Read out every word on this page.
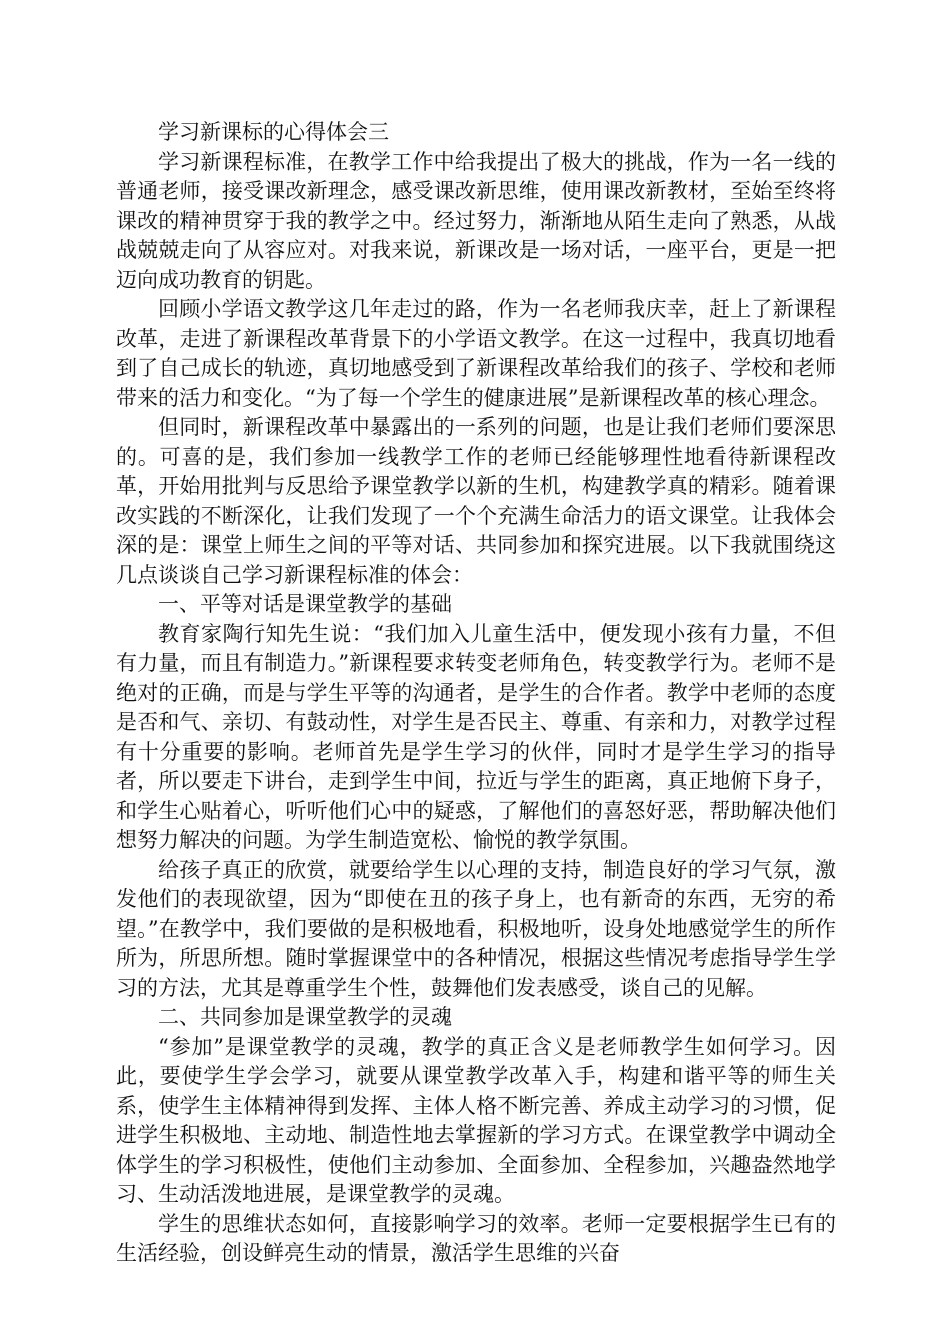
学习新课标的心得体会三

学习新课程标准，在教学工作中给我提出了极大的挑战，作为一名一线的普通老师，接受课改新理念，感受课改新思维，使用课改新教材，至始至终将课改的精神贯穿于我的教学之中。经过努力，渐渐地从陌生走向了熟悉，从战战兢兢走向了从容应对。对我来说，新课改是一场对话，一座平台，更是一把迈向成功教育的钥匙。

回顾小学语文教学这几年走过的路，作为一名老师我庆幸，赶上了新课程改革，走进了新课程改革背景下的小学语文教学。在这一过程中，我真切地看到了自己成长的轨迹，真切地感受到了新课程改革给我们的孩子、学校和老师带来的活力和变化。“为了每一个学生的健康进展”是新课程改革的核心理念。

但同时，新课程改革中暴露出的一系列的问题，也是让我们老师们要深思的。可喜的是，我们参加一线教学工作的老师已经能够理性地看待新课程改革，开始用批判与反思给予课堂教学以新的生机，构建教学真的精彩。随着课改实践的不断深化，让我们发现了一个个充满生命活力的语文课堂。让我体会深的是：课堂上师生之间的平等对话、共同参加和探究进展。以下我就围绕这几点谈谈自己学习新课程标准的体会：

一、平等对话是课堂教学的基础

教育家陶行知先生说：“我们加入儿童生活中，便发现小孩有力量，不但有力量，而且有制造力。”新课程要求转变老师角色，转变教学行为。老师不是绝对的正确，而是与学生平等的沟通者，是学生的合作者。教学中老师的态度是否和气、亲切、有鼓动性，对学生是否民主、尊重、有亲和力，对教学过程有十分重要的影响。老师首先是学生学习的伙伴，同时才是学生学习的指导者，所以要走下讲台，走到学生中间，拉近与学生的距离，真正地俯下身子，和学生心贴着心，听听他们心中的疑惑，了解他们的喜怒好恶，帮助解决他们想努力解决的问题。为学生制造宽松、愉悦的教学氛围。

给孩子真正的欣赏，就要给学生以心理的支持，制造良好的学习气氛，激发他们的表现欲望，因为“即使在丑的孩子身上，也有新奇的东西，无穷的希望。”在教学中，我们要做的是积极地看，积极地听，设身处地感觉学生的所作所为，所思所想。随时掌握课堂中的各种情况，根据这些情况考虑指导学生学习的方法，尤其是尊重学生个性，鼓舞他们发表感受，谈自己的见解。

二、共同参加是课堂教学的灵魂

“参加”是课堂教学的灵魂，教学的真正含义是老师教学生如何学习。因此，要使学生学会学习，就要从课堂教学改革入手，构建和谐平等的师生关系，使学生主体精神得到发挥、主体人格不断完善、养成主动学习的习惯，促进学生积极地、主动地、制造性地去掌握新的学习方式。在课堂教学中调动全体学生的学习积极性，使他们主动参加、全面参加、全程参加，兴趣盎然地学习、生动活泼地进展，是课堂教学的灵魂。

学生的思维状态如何，直接影响学习的效率。老师一定要根据学生已有的生活经验，创设鲜亮生动的情景，激活学生思维的兴奋
